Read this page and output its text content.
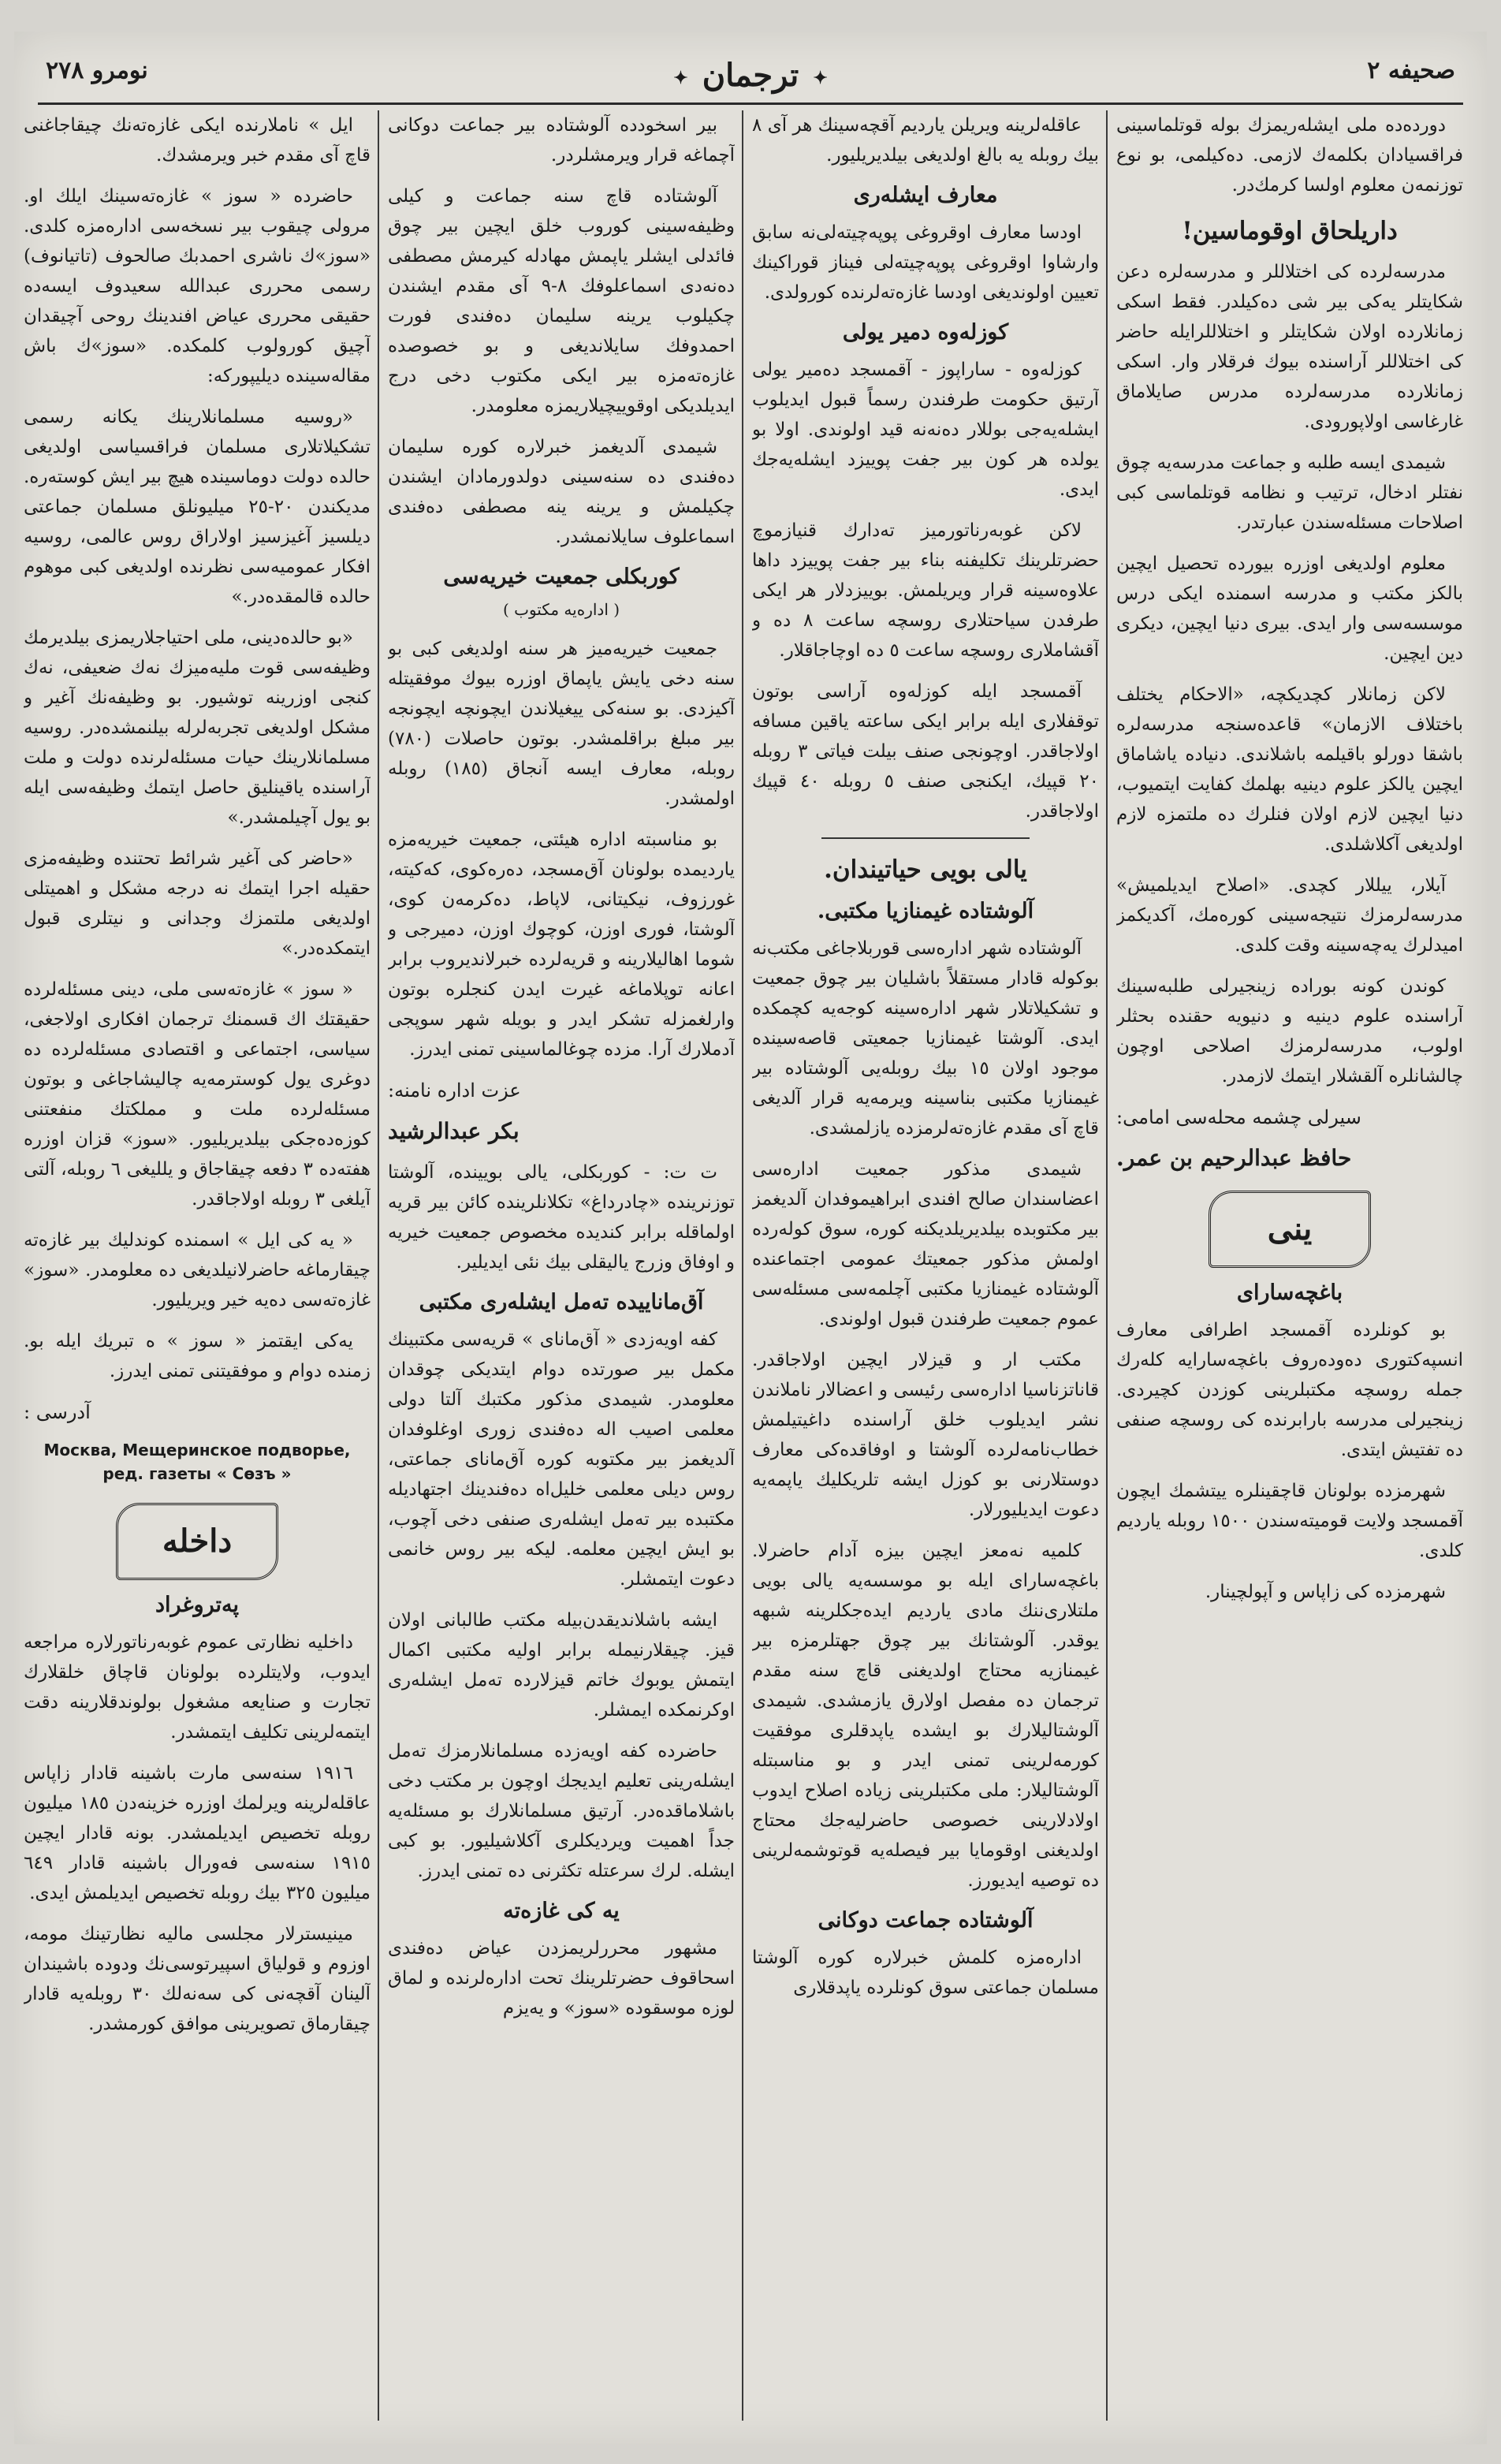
صحيفه ٢
✦ ترجمان ✦
نومرو ٢٧٨

دورده‌ده ملی ایشله‌ریمزك بوله قوتلماسینی فراقسیادان بكلمه‌ك لازمی. ده‌كیلمی، بو نوع توزنمه‌ن معلوم اولسا كرمك‌در.

داریلحاق اوقوماسین!

مدرسه‌لرده كی اختلاللر و مدرسه‌لره دعن شكایتلر یه‌كی بیر شی ده‌كیلدر. فقط اسكی زمانلارده اولان شكایتلر و اختلاللرایله حاضر كی اختلاللر آراسنده بیوك فرقلار وار. اسكی زمانلارده مدرسه‌لرده مدرس صایلاماق غارغاسی اولاپورودی.

شیمدی ایسه طلبه و جماعت مدرسه‌یه چوق نفتلر ادخال، ترتیب و نظامه قوتلماسی كبی اصلاحات مسئله‌سندن عبارتدر.

معلوم اولدیغی اوزره بیورده تحصیل ایچین بالكز مكتب و مدرسه اسمنده ایكی درس موسسه‌سی وار ایدی. بیری دنیا ایچین، دیكری دین ایچین.

لاكن زمانلار كچدیكچه، «الاحكام یختلف باختلاف الازمان» قاعده‌سنجه مدرسه‌لره باشقا دورلو باقیلمه باشلاندی. دنیاده یاشاماق ایچین یالكز علوم دینیه بهلمك كفایت ایتمیوب، دنیا ایچین لازم اولان فنلرك ده ملتمزه لازم اولدیغی آكلاشلدی.

آیلار، ییللار كچدی. «اصلاح ایدیلمیش» مدرسه‌لرمزك نتیجه‌سینی كوره‌مك، آكدیكمز امیدلرك یه‌چه‌سینه وقت كلدی.

كوندن كونه بوراده زینجیرلی طلبه‌سینك آراسنده علوم دینیه و دنیویه حقنده بحثلر اولوب، مدرسه‌لرمزك اصلاحی اوچون چالشانلره آلقشلار ایتمك لازمدر.

سیرلی چشمه محله‌سی امامی:
حافظ عبدالرحیم بن عمر.
ینی
باغچه‌سارای

بو كونلرده آقمسجد اطرافی معارف انسپه‌كتوری ده‌وده‌روف باغچه‌سارایه كله‌رك جمله روسچه مكتبلرینی كوزدن كچیردی. زینجیرلی مدرسه بارابرنده كی روسچه صنفی ده تفتیش ایتدی.

شهرمزده بولونان قاچقینلره ییتشمك ایچون آقمسجد ولایت قومیته‌سندن ١٥٠٠ روبله یاردیم كلدی.

شهرمزده كی زاپاس و آپولچینار.

عاقله‌لرینه ویریلن یاردیم آقچه‌سینك هر آی ٨ بیك روبله یه بالغ اولدیغی بیلدیریلیور.

معارف ایشله‌ری

اودسا معارف اوقروغی پوپه‌چیته‌لی‌نه سابق وارشاوا اوقروغی پوپه‌چیته‌لی فیناز قوراكینك تعیین اولوندیغی اودسا غازه‌ته‌لرنده كورولدی.

كوزله‌وه دمیر یولی

كوزله‌وه - ساراپوز - آقمسجد ده‌میر یولی آرتیق حكومت طرفندن رسماً قبول ایدیلوب ایشله‌یه‌جی بوللار ده‌نه‌نه قید اولوندی. اولا بو یولده هر كون بیر جفت پوییزد ایشله‌یه‌جك ایدی.

لاكن غوبه‌رناتورمیز ته‌دارك قنیازموچ حضرتلرینك تكلیفنه بناء بیر جفت پوییزد داها علاوه‌سینه قرار ویریلمش. بوییزدلار هر ایكی طرفدن سیاحتلاری روسچه ساعت ٨ ده و آقشاملاری روسچه ساعت ٥ ده اوچاجاقلار.

آقمسجد ایله كوزله‌وه آراسی بوتون توقفلاری ایله برابر ایكی ساعته یاقین مسافه اولاجاقدر. اوچونجی صنف بیلت فیاتی ٣ روبله ٢٠ قپیك، ایكنجی صنف ٥ روبله ٤٠ قپیك اولاجاقدر.

یالی بویی حیاتیندان.
آلوشتاده غیمنازیا مكتبی.

آلوشتاده شهر اداره‌سی قوربلاجاغی مكتب‌نه بوكوله قادار مستقلاً باشلیان بیر چوق جمعیت و تشكیلاتلار شهر اداره‌سینه كوجه‌یه كچمكده ایدی. آلوشتا غیمنازیا جمعیتی قاصه‌سینده موجود اولان ١٥ بیك روبله‌یی آلوشتاده بیر غیمنازیا مكتبی بناسینه ویرمه‌یه قرار آلدیغی قاچ آی مقدم غازه‌ته‌لرمزده یازلمشدی.

شیمدی مذكور جمعیت اداره‌سی اعضاسندان صالح افندی ابراهیموفدان آلدیغمز بیر مكتوبده بیلدیریلدیكنه كوره، سوق كوله‌رده اولمش مذكور جمعیتك عمومی اجتماعنده آلوشتاده غیمنازیا مكتبی آچلمه‌سی مسئله‌سی عموم جمعیت طرفندن قبول اولوندی.

مكتب ار و قیزلار ایچین اولاجاقدر. قاناتزناسیا اداره‌سی رئیسی و اعضالار ناملاندن نشر ایدیلوب خلق آراسنده داغیتیلمش خطاب‌نامه‌لرده آلوشتا و اوفاقده‌كی معارف دوستلارنی بو كوزل ایشه تلریكلیك یاپمه‌یه دعوت ایدیلیورلار.

كلمیه نه‌معز ایچین بیزه آدام حاضرلا. باغچه‌سارای ایله بو موسسه‌یه یالی بویی ملتلاری‌ننك مادی یاردیم ایده‌جكلرینه شبهه یوقدر. آلوشتانك بیر چوق جهتلرمزه بیر غیمنازیه محتاج اولدیغنی قاچ سنه مقدم ترجمان ده مفصل اولارق یازمشدی. شیمدی آلوشتالیلارك بو ایشده یاپدقلری موفقیت كورمه‌لرینی تمنی ایدر و بو مناسبتله آلوشتالیلار: ملی مكتبلرینی زیاده اصلاح ایدوب اولادلارینی خصوصی حاضرلیه‌جك محتاج اولدیغنی اوقومایا بیر فیصله‌یه قوتوشمه‌لرینی ده توصیه ایدیورز.

آلوشتاده جماعت دوكانی

اداره‌مزه كلمش خبرلاره كوره آلوشتا مسلمان جماعتی سوق كونلرده یاپدقلاری

بیر اسخودده آلوشتاده بیر جماعت دوكانی آچماغه قرار ویرمشلردر.

آلوشتاده قاچ سنه جماعت و كیلی وظیفه‌سینی كوروب خلق ایچین بیر چوق فائدلی ایشلر یاپمش مهاد‌له كیرمش مصطفی ده‌نه‌دی اسماعلوفك ٨-٩ آی مقدم ایشندن چكیلوب یرینه سلیمان ده‌فندی فورت احمدوفك سایلاندیغی و بو خصوصده غازه‌ته‌مزه بیر ایكی مكتوب دخی درج ایدیلدیكی اوقوییچیلاریمزه معلومدر.

شیمدی آلدیغمز خبرلاره كوره سلیمان ده‌فندی ده سنه‌سینی دولدورمادان ایشندن چكیلمش و یرینه ینه مصطفی ده‌فندی اسماعلوف سایلانمشدر.

كوربكلی جمعیت خیریه‌سی
( اداره‌یه مكتوب )

جمعیت خیریه‌میز هر سنه اولدیغی كبی بو سنه دخی یایش یاپماق اوزره بیوك موفقیتله آكیزدی. بو سنه‌كی ییغیلاندن ایچونچه ایچونجه بیر مبلغ براقلمشدر. بوتون حاصلات (٧٨٠) روبله، معارف ایسه آنجاق (١٨٥) روبله اولمشدر.

بو مناسبته اداره هیئتی، جمعیت خیریه‌مزه یاردیمده بولونان آق‌مسجد، ده‌ره‌كوی، كه‌كیته، غورزوف، نیكیتانی، لاپاط، ده‌كرمه‌ن كوی، آلوشتا، فوری اوزن، كوچوك اوزن، دمیرجی و شوما اهالیلارینه و قریه‌لرده خبرلاندیروب برابر اعانه توپلاماغه غیرت ایدن كنجلره بوتون وارلغمزله تشكر ایدر و بویله شهر سوپجی آدملارك آرا. مزده چوغالماسینی تمنی ایدرز.

عزت اداره نامنه:
بكر عبدالرشید

ت ت: - كوربكلی، یالی بویینده، آلوشتا توزنرینده «چادرداغ» تكلانلرینده كائن بیر قریه اولماقله برابر كندیده مخصوص جمعیت خیریه و اوفاق وزرج یالیقلی بیك نئی ایدیلیر.

آق‌ماناییده ته‌مل ایشله‌ری مكتبی

كفه اویه‌زدی « آق‌مانای » قریه‌سی مكتبینك مكمل بیر صورتده دوام ایتدیكی چوقدان معلومدر. شیمدی مذكور مكتبك آلتا دولی معلمی اصیب اله ده‌فندی زوری اوغلوفدان آلدیغمز بیر مكتوبه كوره آق‌مانای جماعتی، روس دیلی معلمی خلیل‌اه ده‌فندینك اجتهادیله مكتبده بیر ته‌مل ایشله‌ری صنفی دخی آچوب، بو ایش ایچین معلمه. لیكه بیر روس خانمی دعوت ایتمشلر.

ایشه باشلاندیقدن‌بیله مكتب طالبانی اولان قیز. چیقلارنیمله برابر اولیه مكتبی اكمال ایتمش یوبوك خاتم قیزلارده ته‌مل ایشله‌ری اوكرنمكده ایمشلر.

حاضرده كفه اویه‌زده مسلمانلارمزك ته‌مل ایشله‌رینی تعلیم ایدیجك اوچون بر مكتب دخی باشلاماقده‌در. آرتیق مسلمانلارك بو مسئله‌یه جداً اهمیت ویردیكلری آكلاشیلیور. بو كبی ایشله. لرك سرعتله تكثرنی ده تمنی ایدرز.

یه كی غازه‌ته

مشهور محررلریمزدن عیاض ده‌فندی اسحاقوف حضرتلرینك تحت اداره‌لرنده و لماق لوزه موسقوده «سوز» و یه‌یزم

ایل » ناملارنده ایكی غازه‌ته‌نك چیقاجاغنی قاچ آی مقدم خبر ویرمشدك.

حاضرده « سوز » غازه‌ته‌سینك ایلك او. مرولی چیقوب بیر نسخه‌سی اداره‌مزه كلدی. «سوز»ك ناشری احمدبك صالحوف (تاتیانوف) رسمی محرری عبدالله سعیدوف ایسه‌ده حقیقی محرری عیاض افندینك روحی آچیقدان آچیق كورولوب كلمكده. «سوز»ك باش مقاله‌سینده دیلیپوركه:

«روسیه مسلمانلارینك یكانه رسمی تشكیلاتلاری مسلمان فراقسیاسی اولدیغی حالده دولت دوماسینده هیچ بیر ایش كوسته‌ره. مدیكندن ٢٠-٢٥ میلیونلق مسلمان جماعتی دیلسیز آغیزسیز اولاراق روس عالمی، روسیه افكار عمومیه‌سی نظرنده اولدیغی كبی موهوم حالده قالمقده‌در.»

«بو حالده‌دینی، ملی احتیاجلاریمزی بیلدیرمك وظیفه‌سی قوت ملیه‌میزك نه‌ك ضعیفی، نه‌ك كنجی اوزرینه توشیور. بو وظیفه‌نك آغیر و مشكل اولدیغی تجربه‌لرله بیلنمشده‌در. روسیه مسلمانلارینك حیات مسئله‌لرنده دولت و ملت آراسنده یاقینلیق حاصل ایتمك وظیفه‌سی ایله بو یول آچیلمشدر.»

«حاضر كی آغیر شرائط تحتنده وظیفه‌مزی حقیله اجرا ایتمك نه درجه مشكل و اهمیتلی اولدیغی ملتمزك وجدانی و نیتلری قبول ایتمكده‌در.»

« سوز » غازه‌ته‌سی ملی، دینی مسئله‌لرده حقیقتك اك قسمنك ترجمان افكاری اولاجغی، سیاسی، اجتماعی و اقتصادی مسئله‌لرده ده دوغری یول كوسترمه‌یه چالیشاجاغی و بوتون مسئله‌لرده ملت و مملكتك منفعتنی كوزه‌ده‌جكی بیلدیریلیور. «سوز» قزان اوزره هفته‌ده ٣ دفعه چیقاجاق و یللیغی ٦ روبله، آلتی آیلغی ٣ روبله اولاجاقدر.

« یه كی ایل » اسمنده كوندلیك بیر غازه‌ته چیقارماغه حاضرلانیلدیغی ده معلومدر. «سوز» غازه‌ته‌سی ده‌یه خیر ویریلیور.

یه‌كی ایقتمز « سوز » ه تبریك ایله بو. زمنده دوام و موفقیتنی تمنی ایدرز.

آدرسی :
Москва, Мещеринское подворье, ред. газеты « Сөзъ »
داخله
پەتروغراد

داخلیه نظارتی عموم غوبه‌رناتورلاره مراجعه ایدوب، ولایتلرده بولونان قاچاق خلقلارك تجارت و صنایعه مشغول بولوندقلارینه دقت ایتمه‌لرینی تكلیف ایتمشدر.

١٩١٦ سنه‌سی مارت باشینه قادار زاپاس عاقله‌لرینه ویرلمك اوزره خزینه‌دن ١٨٥ میلیون روبله تخصیص ایدیلمشدر. بونه قادار ایچین ١٩١٥ سنه‌سی فه‌ورال باشینه قادار ٦٤٩ میلیون ٣٢٥ بیك روبله تخصیص ایدیلمش ایدی.

مینیسترلار مجلسی مالیه نظارتینك مومه، اوزوم و قولیاق اسپیرتوسی‌نك ودوده باشیندان آلینان آقچه‌نی كی سه‌نه‌لك ٣٠ روبله‌یه قادار چیقارماق تصویرینی موافق كورمشدر.
